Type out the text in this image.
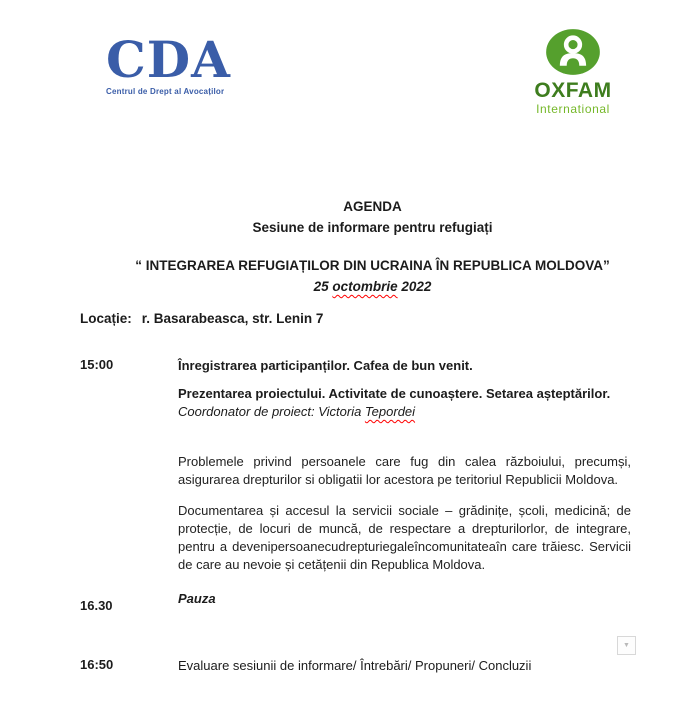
CDA
Centrul de Drept al Avocaților	OXFAM
International
AGENDA
Sesiune de informare pentru refugiați
“ INTEGRAREA REFUGIAȚILOR DIN UCRAINA ÎN REPUBLICA MOLDOVA”
25 octombrie 2022
Locație: r. Basarabeasca, str. Lenin 7
15:00	Înregistrarea participanților. Cafea de bun venit.
Prezentarea proiectului. Activitate de cunoaștere. Setarea așteptărilor.
Coordonator de proiect: Victoria Tepordei
Problemele privind persoanele care fug din calea războiului, precumși, asigurarea drepturilor si obligatii lor acestora pe teritoriul Republicii Moldova.
Documentarea și accesul la servicii sociale – grădinițe, școli, medicină; de protecție, de locuri de muncă, de respectare a drepturilorlor, de integrare, pentru a devenipersoanecudrepturiegaleîncomunitateaîn care trăiesc. Servicii de care au nevoie și cetățenii din Republica Moldova.
16.30	Pauza
16:50	Evaluare sesiunii de informare/ Întrebări/ Propuneri/ Concluzii
▼
